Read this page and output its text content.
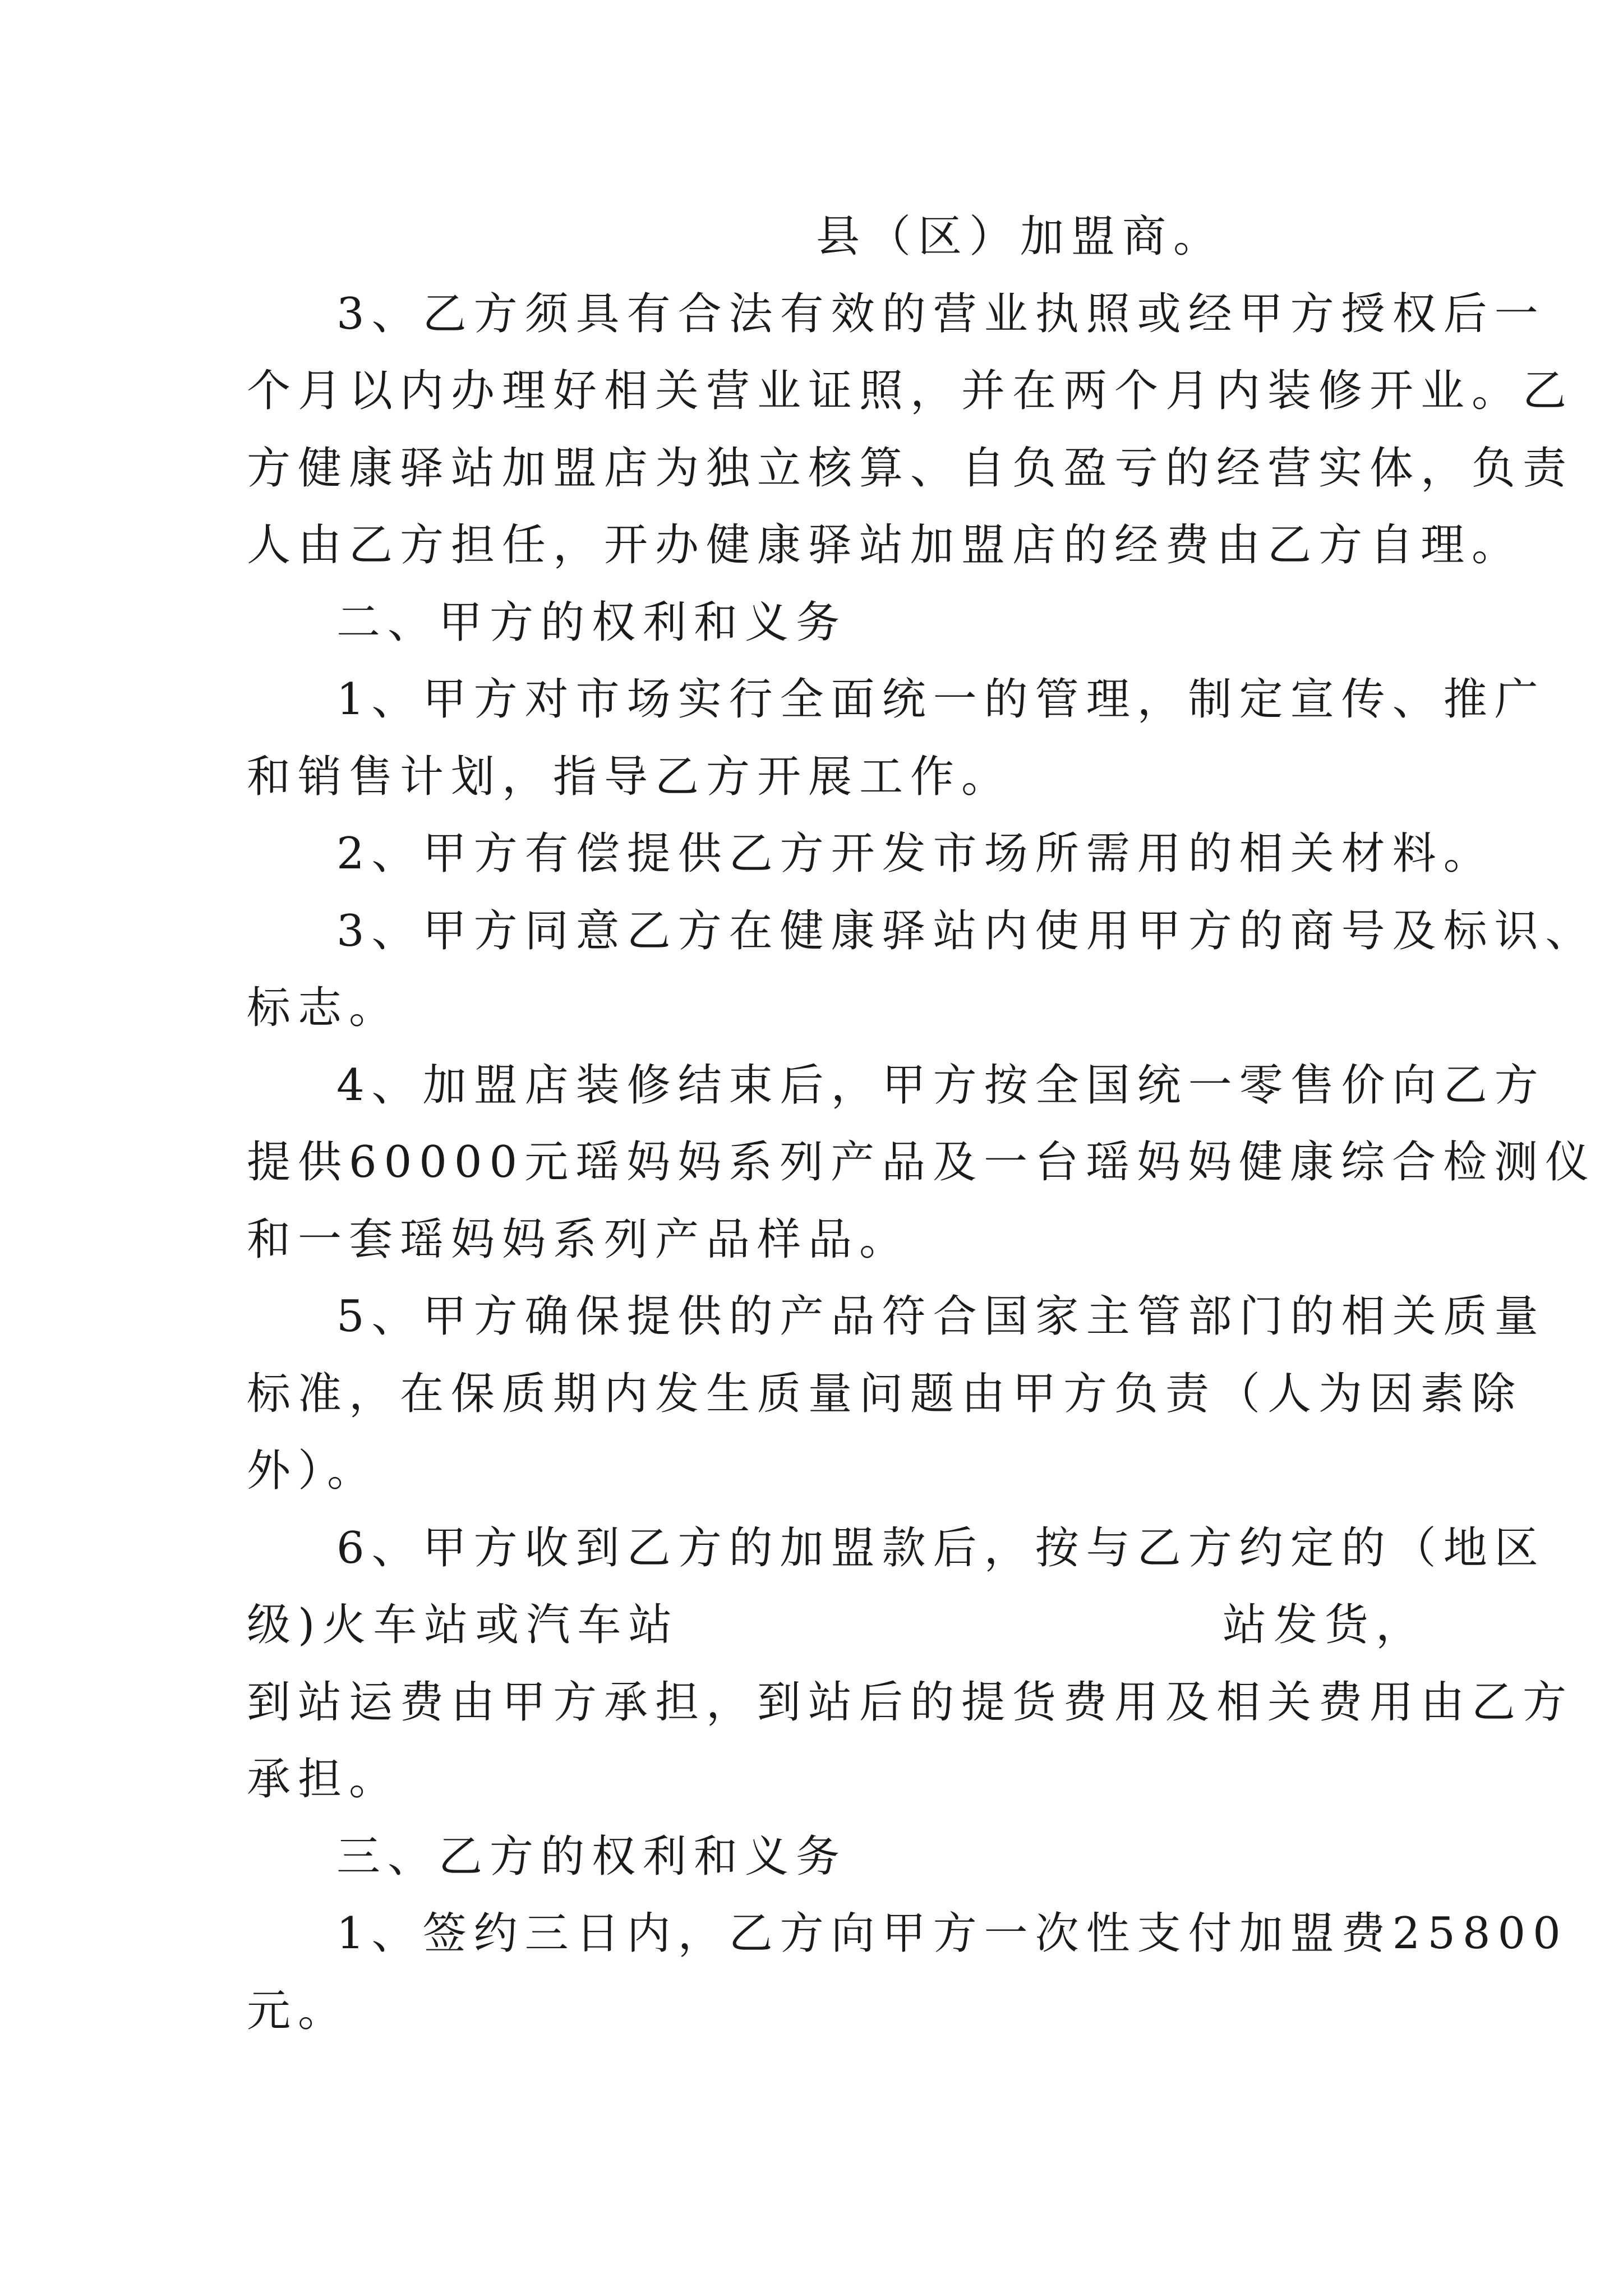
县（区）加盟商。
3、乙方须具有合法有效的营业执照或经甲方授权后一
个月以内办理好相关营业证照，并在两个月内装修开业。乙
方健康驿站加盟店为独立核算、自负盈亏的经营实体，负责
人由乙方担任，开办健康驿站加盟店的经费由乙方自理。
二、甲方的权利和义务
1、甲方对市场实行全面统一的管理，制定宣传、推广
和销售计划，指导乙方开展工作。
2、甲方有偿提供乙方开发市场所需用的相关材料。
3、甲方同意乙方在健康驿站内使用甲方的商号及标识、
标志。
4、加盟店装修结束后，甲方按全国统一零售价向乙方
提供60000元瑶妈妈系列产品及一台瑶妈妈健康综合检测仪
和一套瑶妈妈系列产品样品。
5、甲方确保提供的产品符合国家主管部门的相关质量
标准，在保质期内发生质量问题由甲方负责（人为因素除
外）。
6、甲方收到乙方的加盟款后，按与乙方约定的（地区
级)火车站或汽车站	站发货，
到站运费由甲方承担，到站后的提货费用及相关费用由乙方
承担。
三、乙方的权利和义务
1、签约三日内，乙方向甲方一次性支付加盟费25800
元。
